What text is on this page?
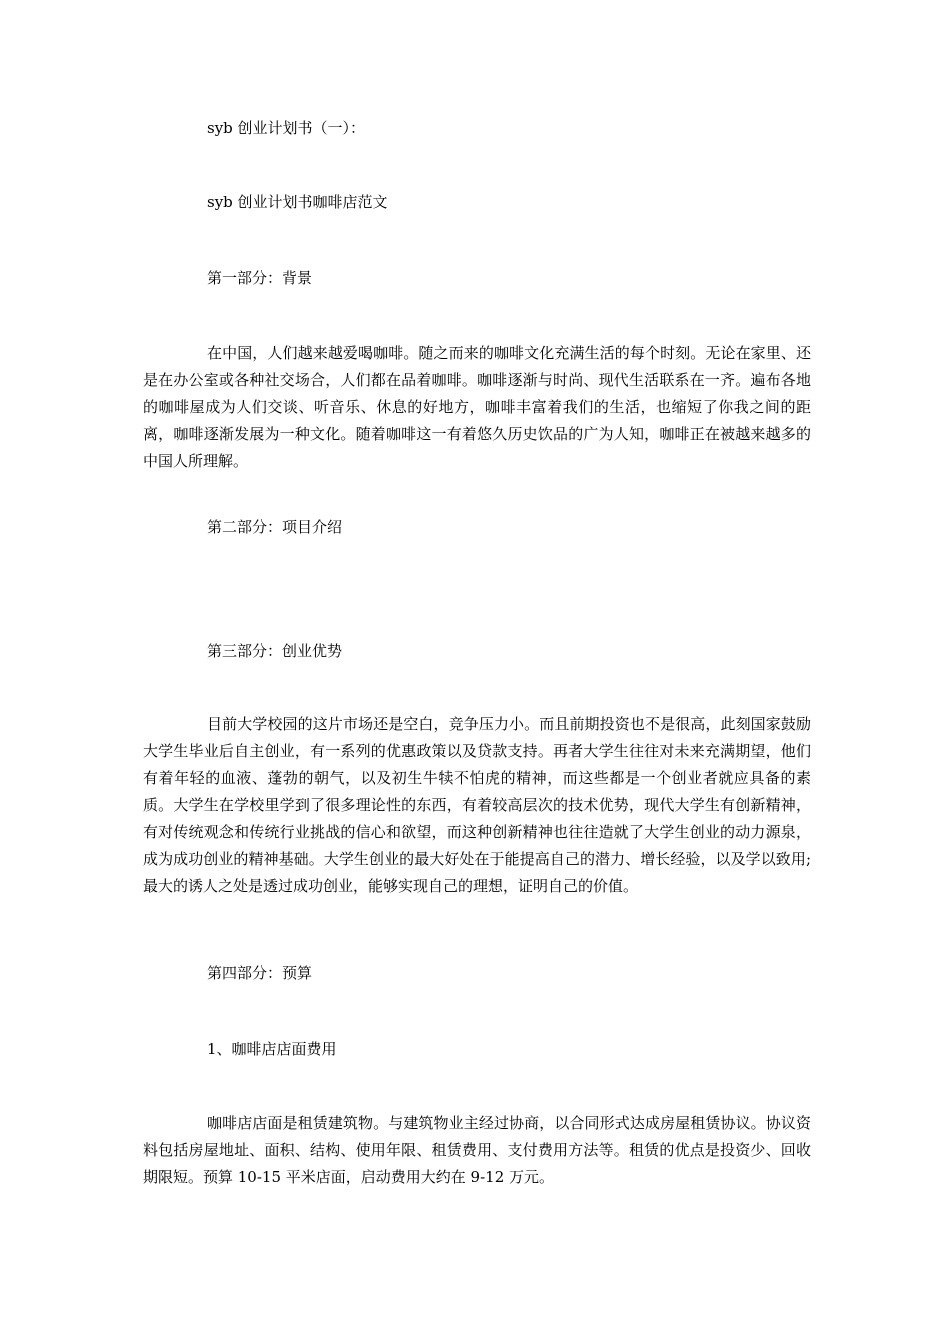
syb 创业计划书（一）：
syb 创业计划书咖啡店范文
第一部分：背景

在中国，人们越来越爱喝咖啡。随之而来的咖啡文化充满生活的每个时刻。无论在家里、还是在办公室或各种社交场合，人们都在品着咖啡。咖啡逐渐与时尚、现代生活联系在一齐。遍布各地的咖啡屋成为人们交谈、听音乐、休息的好地方，咖啡丰富着我们的生活，也缩短了你我之间的距离，咖啡逐渐发展为一种文化。随着咖啡这一有着悠久历史饮品的广为人知，咖啡正在被越来越多的中国人所理解。

第二部分：项目介绍
第三部分：创业优势

目前大学校园的这片市场还是空白，竞争压力小。而且前期投资也不是很高，此刻国家鼓励大学生毕业后自主创业，有一系列的优惠政策以及贷款支持。再者大学生往往对未来充满期望，他们有着年轻的血液、蓬勃的朝气，以及初生牛犊不怕虎的精神，而这些都是一个创业者就应具备的素质。大学生在学校里学到了很多理论性的东西，有着较高层次的技术优势，现代大学生有创新精神，有对传统观念和传统行业挑战的信心和欲望，而这种创新精神也往往造就了大学生创业的动力源泉，成为成功创业的精神基础。大学生创业的最大好处在于能提高自己的潜力、增长经验，以及学以致用;最大的诱人之处是透过成功创业，能够实现自己的理想，证明自己的价值。

第四部分：预算
1、咖啡店店面费用

咖啡店店面是租赁建筑物。与建筑物业主经过协商，以合同形式达成房屋租赁协议。协议资料包括房屋地址、面积、结构、使用年限、租赁费用、支付费用方法等。租赁的优点是投资少、回收期限短。预算 10-15 平米店面，启动费用大约在 9-12 万元。
